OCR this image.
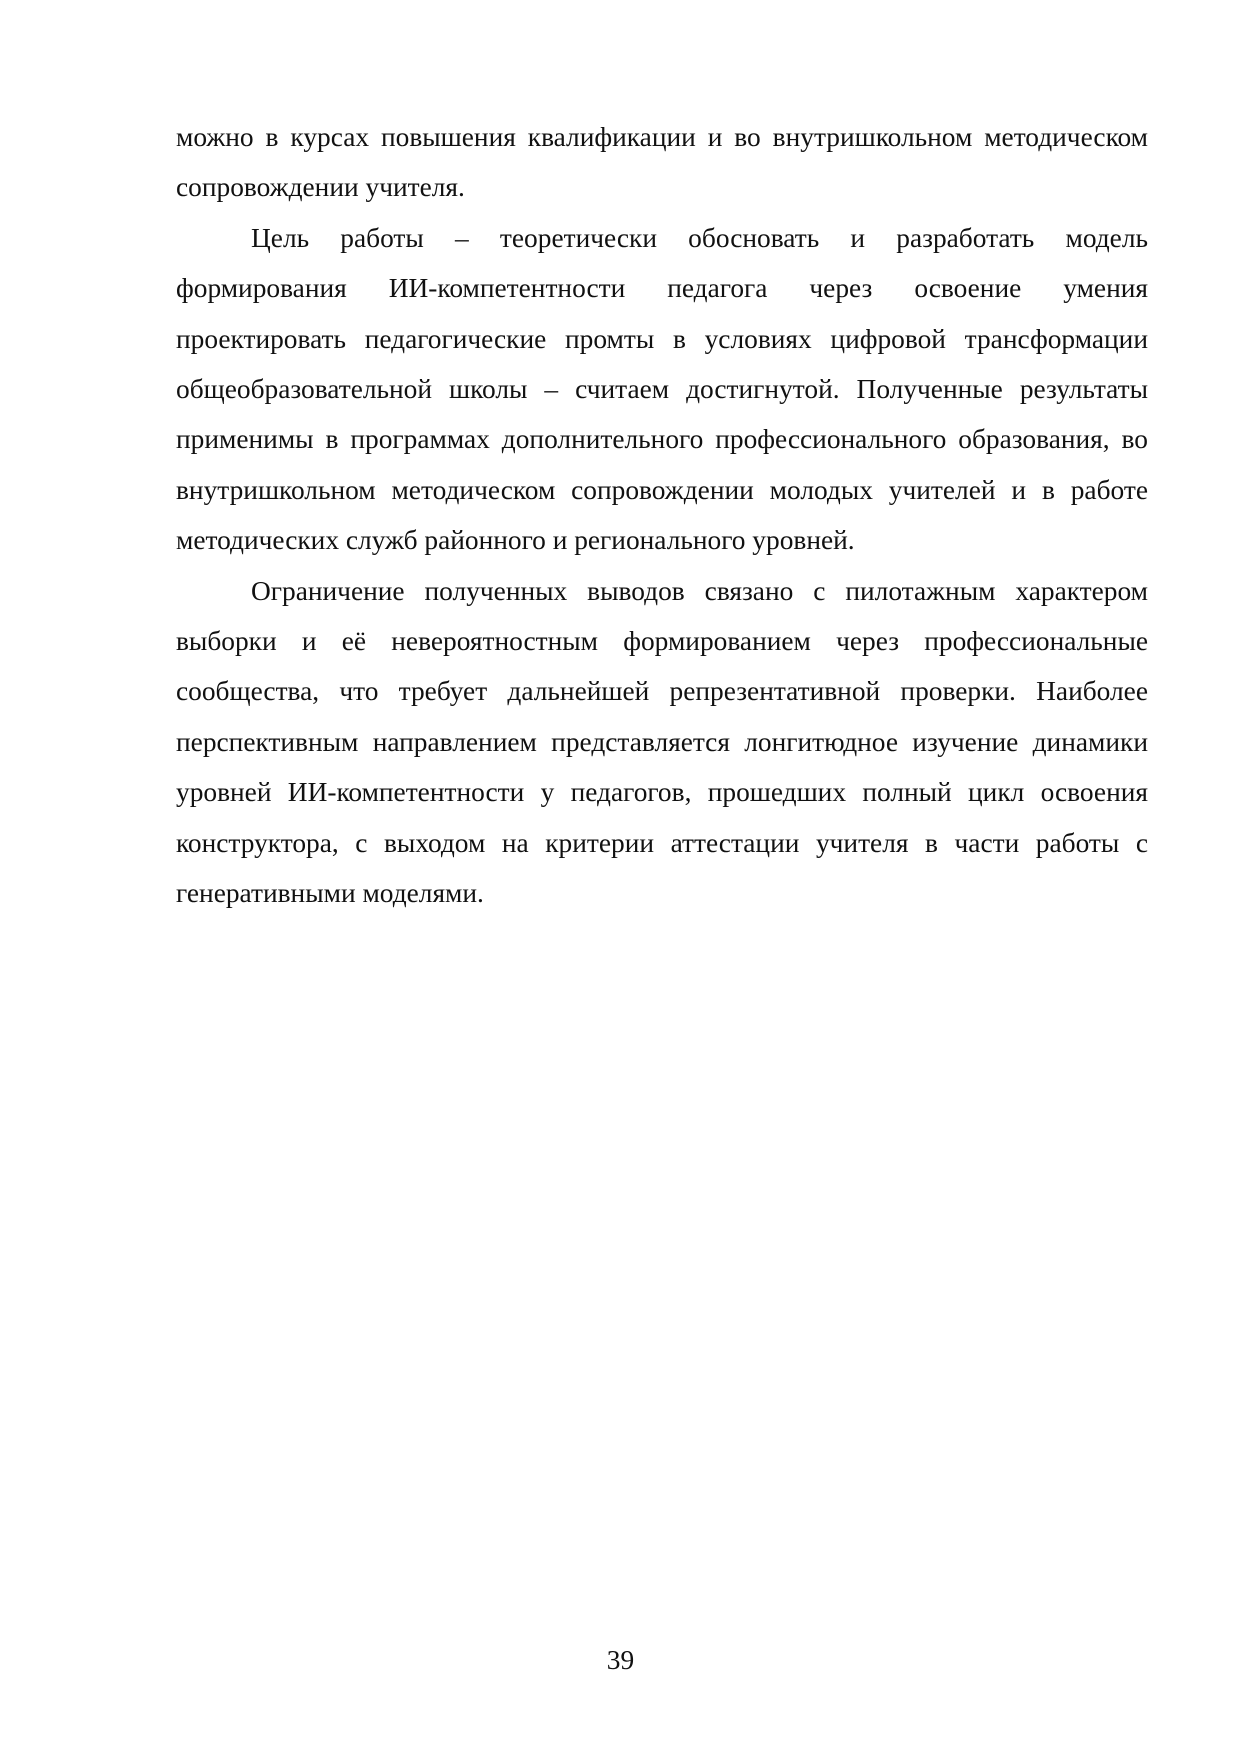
можно в курсах повышения квалификации и во внутришкольном методическом сопровождении учителя.

Цель работы – теоретически обосновать и разработать модель формирования ИИ-компетентности педагога через освоение умения проектировать педагогические промты в условиях цифровой трансформации общеобразовательной школы – считаем достигнутой. Полученные результаты применимы в программах дополнительного профессионального образования, во внутришкольном методическом сопровождении молодых учителей и в работе методических служб районного и регионального уровней.

Ограничение полученных выводов связано с пилотажным характером выборки и её невероятностным формированием через профессиональные сообщества, что требует дальнейшей репрезентативной проверки. Наиболее перспективным направлением представляется лонгитюдное изучение динамики уровней ИИ-компетентности у педагогов, прошедших полный цикл освоения конструктора, с выходом на критерии аттестации учителя в части работы с генеративными моделями.

39
